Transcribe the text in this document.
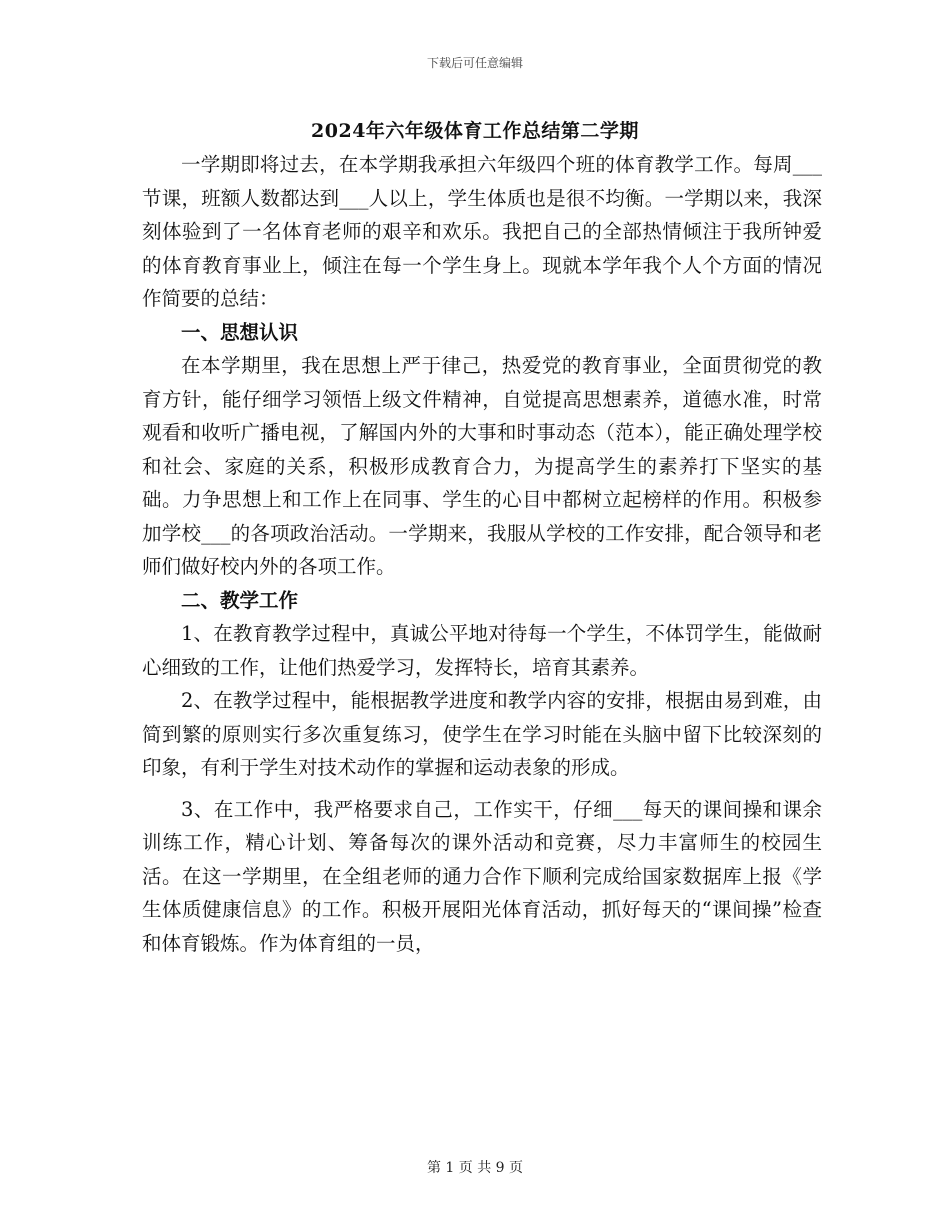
下载后可任意编辑
2024年六年级体育工作总结第二学期

一学期即将过去，在本学期我承担六年级四个班的体育教学工作。每周___节课，班额人数都达到___人以上，学生体质也是很不均衡。一学期以来，我深刻体验到了一名体育老师的艰辛和欢乐。我把自己的全部热情倾注于我所钟爱的体育教育事业上，倾注在每一个学生身上。现就本学年我个人个方面的情况作简要的总结：

一、思想认识

在本学期里，我在思想上严于律己，热爱党的教育事业，全面贯彻党的教育方针，能仔细学习领悟上级文件精神，自觉提高思想素养，道德水准，时常观看和收听广播电视，了解国内外的大事和时事动态（范本），能正确处理学校和社会、家庭的关系，积极形成教育合力，为提高学生的素养打下坚实的基础。力争思想上和工作上在同事、学生的心目中都树立起榜样的作用。积极参加学校___的各项政治活动。一学期来，我服从学校的工作安排，配合领导和老师们做好校内外的各项工作。

二、教学工作

1、在教育教学过程中，真诚公平地对待每一个学生，不体罚学生，能做耐心细致的工作，让他们热爱学习，发挥特长，培育其素养。

2、在教学过程中，能根据教学进度和教学内容的安排，根据由易到难，由简到繁的原则实行多次重复练习，使学生在学习时能在头脑中留下比较深刻的印象，有利于学生对技术动作的掌握和运动表象的形成。

3、在工作中，我严格要求自己，工作实干，仔细___每天的课间操和课余训练工作，精心计划、筹备每次的课外活动和竞赛，尽力丰富师生的校园生活。在这一学期里，在全组老师的通力合作下顺利完成给国家数据库上报《学生体质健康信息》的工作。积极开展阳光体育活动，抓好每天的“课间操”检查和体育锻炼。作为体育组的一员，

第 1 页 共 9 页
